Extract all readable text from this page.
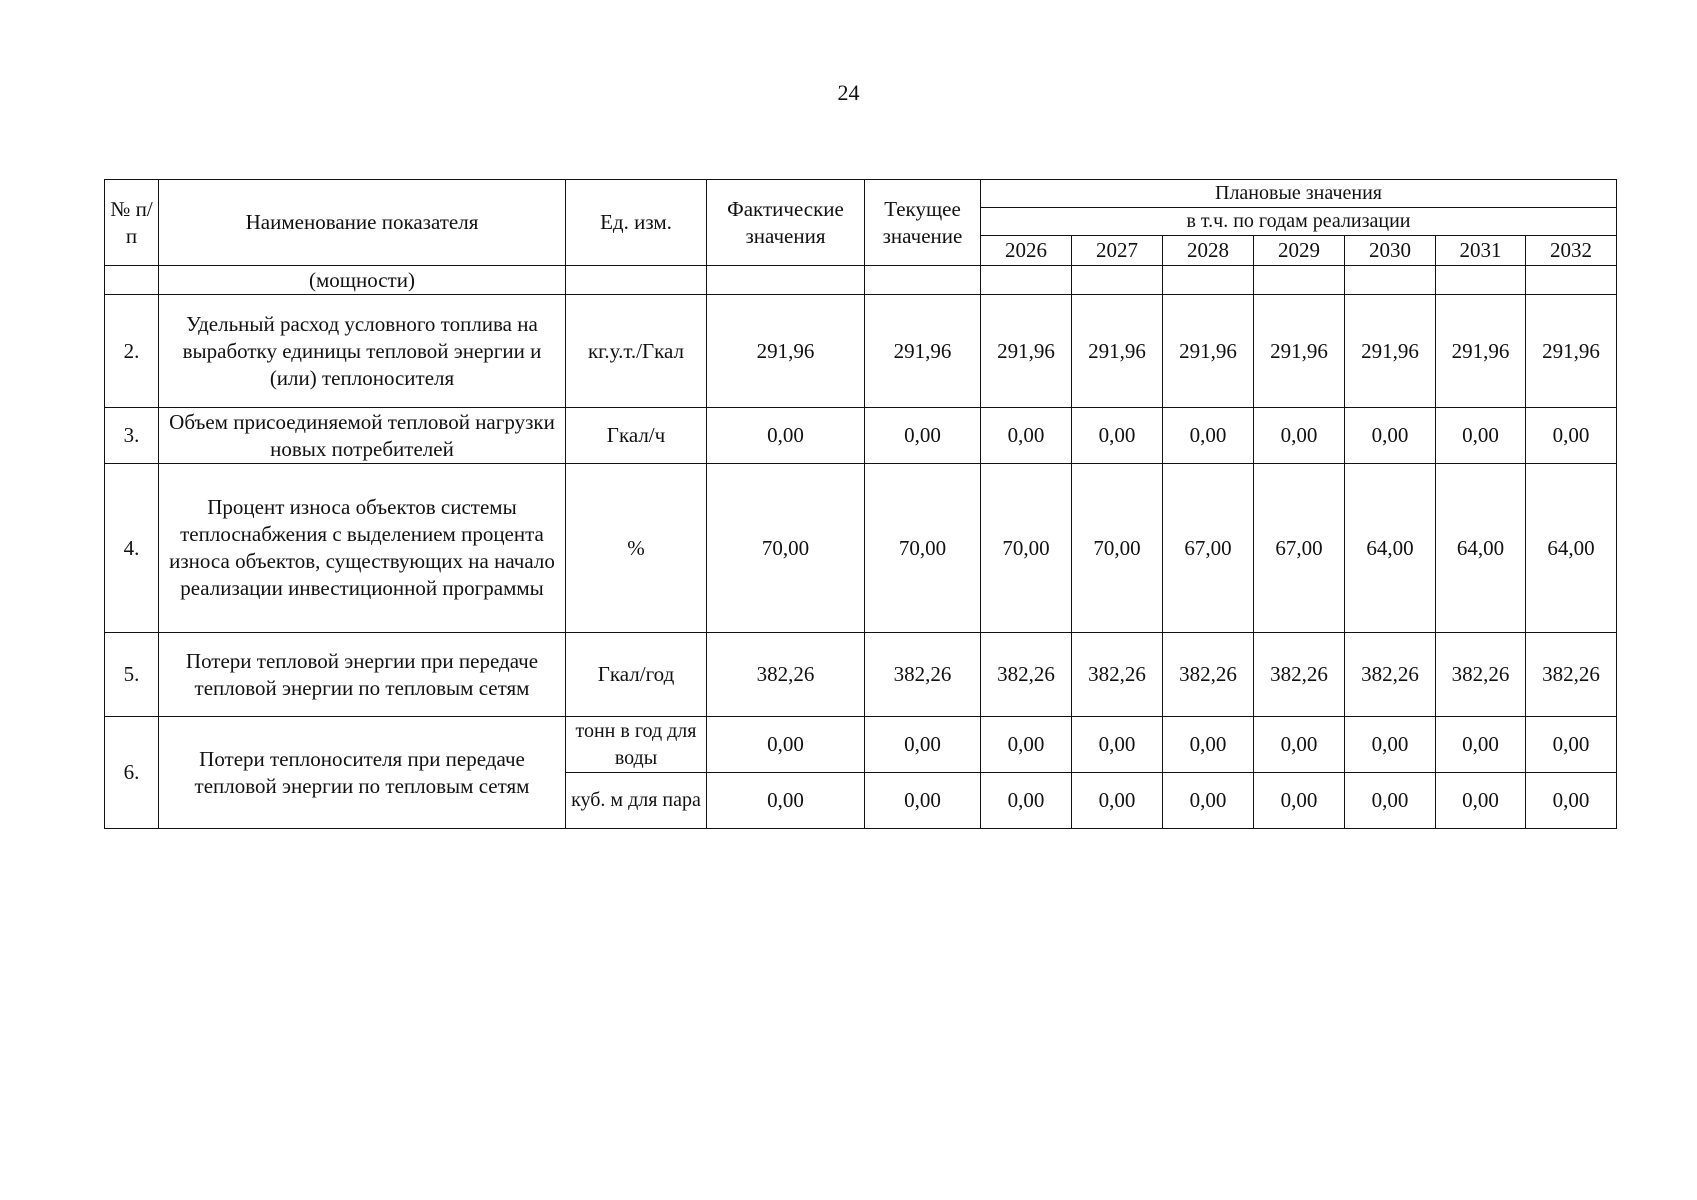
24
№ п/п	Наименование показателя	Ед. изм.	Фактические значения	Текущее значение	Плановые значения						
					в т.ч. по годам реализации						
					2026	2027	2028	2029	2030	2031	2032
	(мощности)										
2.	Удельный расход условного топлива на выработку единицы тепловой энергии и (или) теплоносителя	кг.у.т./Гкал	291,96	291,96	291,96	291,96	291,96	291,96	291,96	291,96	291,96
3.	Объем присоединяемой тепловой нагрузки новых потребителей	Гкал/ч	0,00	0,00	0,00	0,00	0,00	0,00	0,00	0,00	0,00
4.	Процент износа объектов системы теплоснабжения с выделением процента износа объектов, существующих на начало реализации инвестиционной программы	%	70,00	70,00	70,00	70,00	67,00	67,00	64,00	64,00	64,00
5.	Потери тепловой энергии при передаче тепловой энергии по тепловым сетям	Гкал/год	382,26	382,26	382,26	382,26	382,26	382,26	382,26	382,26	382,26
6.	Потери теплоносителя при передаче тепловой энергии по тепловым сетям	тонн в год для воды	0,00	0,00	0,00	0,00	0,00	0,00	0,00	0,00	0,00
		куб. м для пара	0,00	0,00	0,00	0,00	0,00	0,00	0,00	0,00	0,00
